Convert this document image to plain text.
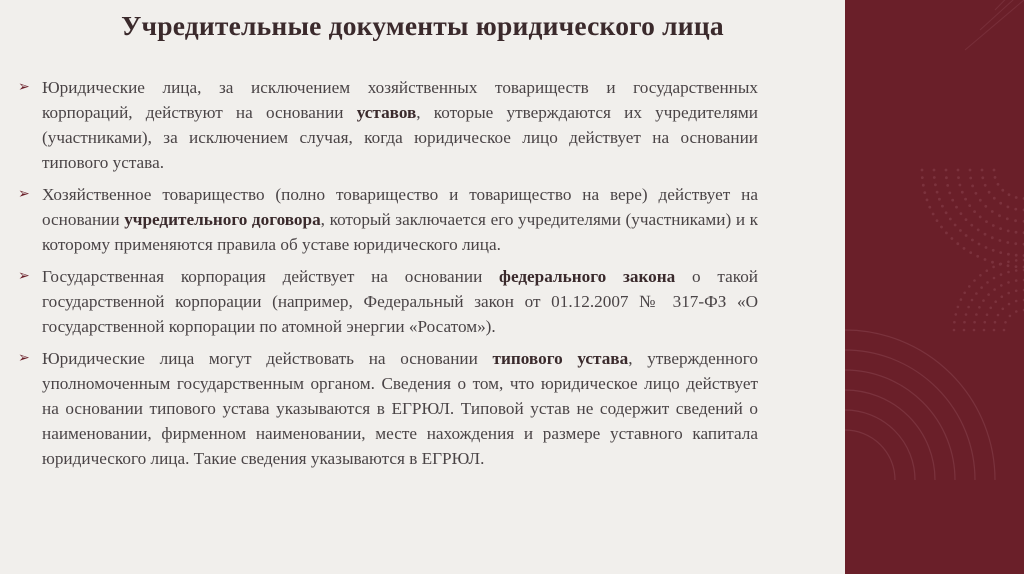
Учредительные документы юридического лица
➢
Юридические лица, за исключением хозяйственных товариществ и государственных корпораций, действуют на основании уставов, которые утверждаются их учредителями (участниками), за исключением случая, когда юридическое лицо действует на основании типового устава.
➢
Хозяйственное товарищество (полно товарищество и товарищество на вере) действует на основании учредительного договора, который заключается его учредителями (участниками) и к которому применяются правила об уставе юридического лица.
➢
Государственная корпорация действует на основании федерального закона о такой государственной корпорации (например, Федеральный закон от 01.12.2007 № 317-ФЗ «О государственной корпорации по атомной энергии «Росатом»).
➢
Юридические лица могут действовать на основании типового устава, утвержденного уполномоченным государственным органом. Сведения о том, что юридическое лицо действует на основании типового устава указываются в ЕГРЮЛ. Типовой устав не содержит сведений о наименовании, фирменном наименовании, месте нахождения и размере уставного капитала юридического лица. Такие сведения указываются в ЕГРЮЛ.
